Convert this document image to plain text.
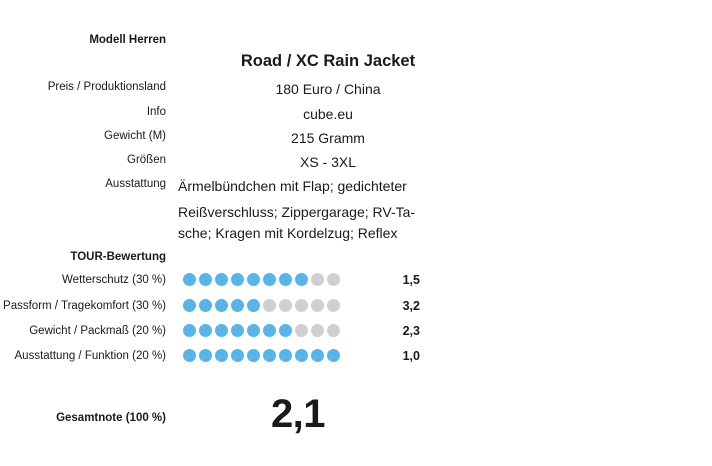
Modell Herren
Road / XC Rain Jacket
Preis / Produktionsland	180 Euro / China
Info	cube.eu
Gewicht (M)	215 Gramm
Größen	XS - 3XL
Ausstattung Ärmelbündchen mit Flap; gedichteter
Reißverschluss; Zippergarage; RV-Ta-
sche; Kragen mit Kordelzug; Reflex
TOUR-Bewertung
Wetterschutz (30 %)	1,5
Passform / Tragekomfort (30 %)	3,2
Gewicht / Packmaß (20 %)	2,3
Ausstattung / Funktion (20 %)	1,0
Gesamtnote (100 %)	2,1
